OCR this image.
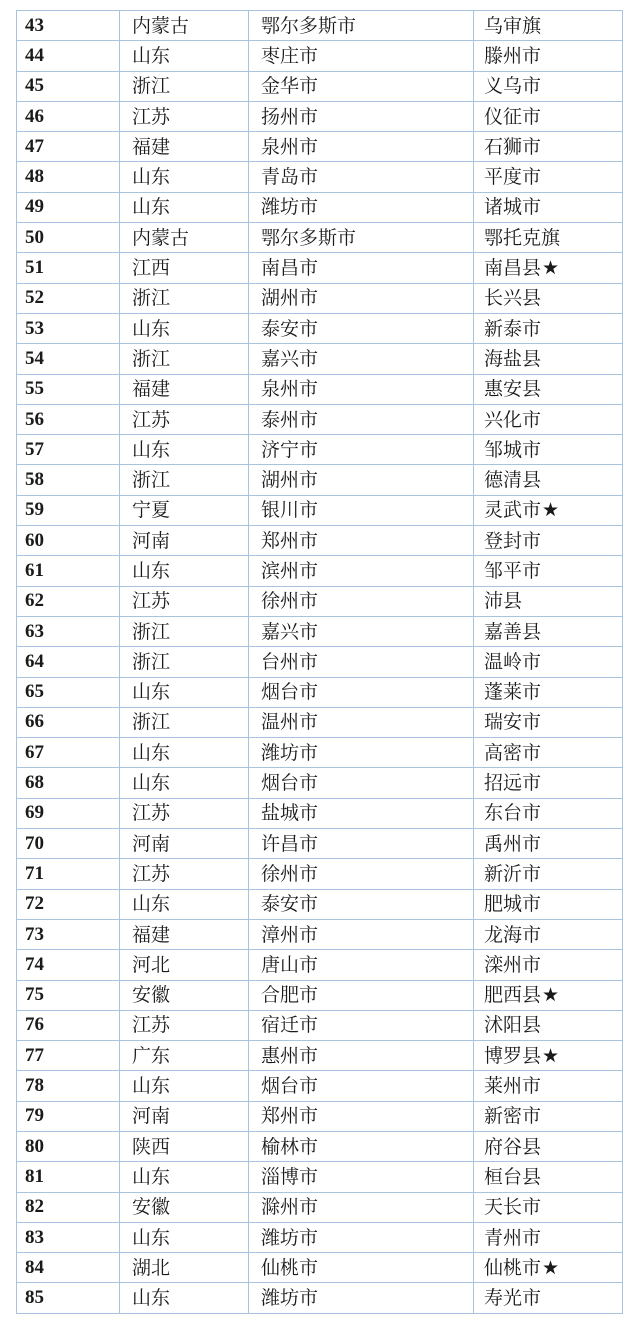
43	内蒙古	鄂尔多斯市	乌审旗
44	山东	枣庄市	滕州市
45	浙江	金华市	义乌市
46	江苏	扬州市	仪征市
47	福建	泉州市	石狮市
48	山东	青岛市	平度市
49	山东	潍坊市	诸城市
50	内蒙古	鄂尔多斯市	鄂托克旗
51	江西	南昌市	南昌县★
52	浙江	湖州市	长兴县
53	山东	泰安市	新泰市
54	浙江	嘉兴市	海盐县
55	福建	泉州市	惠安县
56	江苏	泰州市	兴化市
57	山东	济宁市	邹城市
58	浙江	湖州市	德清县
59	宁夏	银川市	灵武市★
60	河南	郑州市	登封市
61	山东	滨州市	邹平市
62	江苏	徐州市	沛县
63	浙江	嘉兴市	嘉善县
64	浙江	台州市	温岭市
65	山东	烟台市	蓬莱市
66	浙江	温州市	瑞安市
67	山东	潍坊市	高密市
68	山东	烟台市	招远市
69	江苏	盐城市	东台市
70	河南	许昌市	禹州市
71	江苏	徐州市	新沂市
72	山东	泰安市	肥城市
73	福建	漳州市	龙海市
74	河北	唐山市	滦州市
75	安徽	合肥市	肥西县★
76	江苏	宿迁市	沭阳县
77	广东	惠州市	博罗县★
78	山东	烟台市	莱州市
79	河南	郑州市	新密市
80	陕西	榆林市	府谷县
81	山东	淄博市	桓台县
82	安徽	滁州市	天长市
83	山东	潍坊市	青州市
84	湖北	仙桃市	仙桃市★
85	山东	潍坊市	寿光市
